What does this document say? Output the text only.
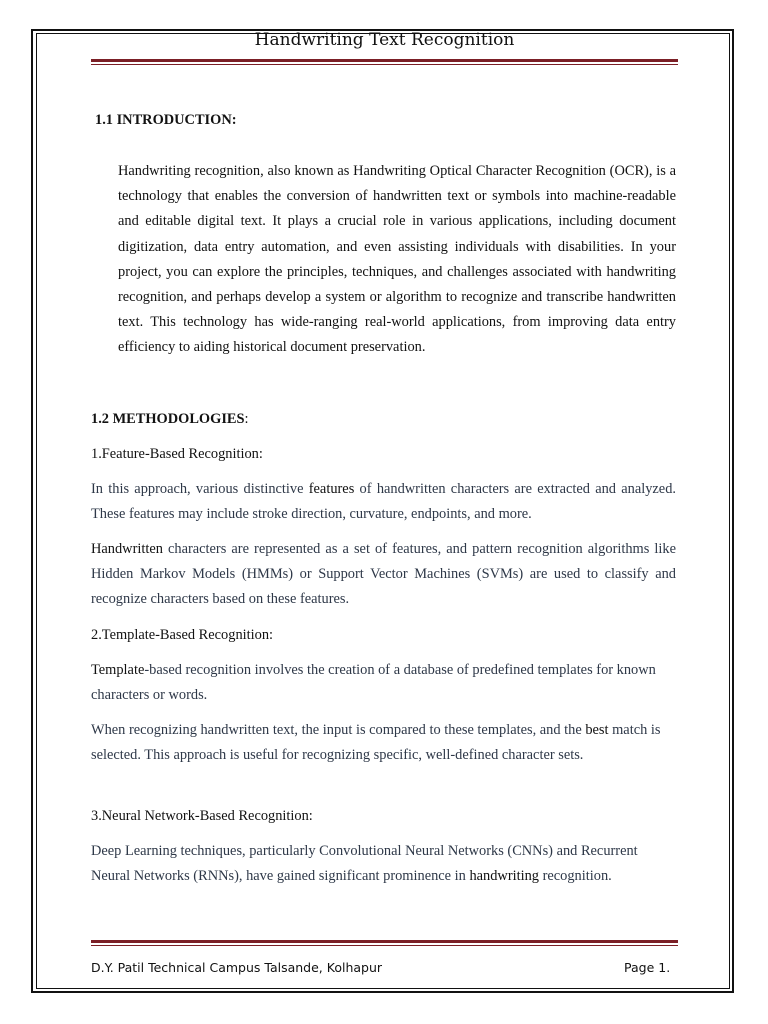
Handwriting Text Recognition
1.1 INTRODUCTION:
Handwriting recognition, also known as Handwriting Optical Character Recognition (OCR), is a technology that enables the conversion of handwritten text or symbols into machine-readable and editable digital text. It plays a crucial role in various applications, including document digitization, data entry automation, and even assisting individuals with disabilities. In your project, you can explore the principles, techniques, and challenges associated with handwriting recognition, and perhaps develop a system or algorithm to recognize and transcribe handwritten text. This technology has wide-ranging real-world applications, from improving data entry efficiency to aiding historical document preservation.
1.2 METHODOLOGIES:
1.Feature-Based Recognition:
In this approach, various distinctive features of handwritten characters are extracted and analyzed. These features may include stroke direction, curvature, endpoints, and more.
Handwritten characters are represented as a set of features, and pattern recognition algorithms like Hidden Markov Models (HMMs) or Support Vector Machines (SVMs) are used to classify and recognize characters based on these features.
2.Template-Based Recognition:
Template-based recognition involves the creation of a database of predefined templates for known characters or words.
When recognizing handwritten text, the input is compared to these templates, and the best match is selected. This approach is useful for recognizing specific, well-defined character sets.
3.Neural Network-Based Recognition:
Deep Learning techniques, particularly Convolutional Neural Networks (CNNs) and Recurrent Neural Networks (RNNs), have gained significant prominence in handwriting recognition.
D.Y. Patil Technical Campus Talsande, Kolhapur	Page 1.
